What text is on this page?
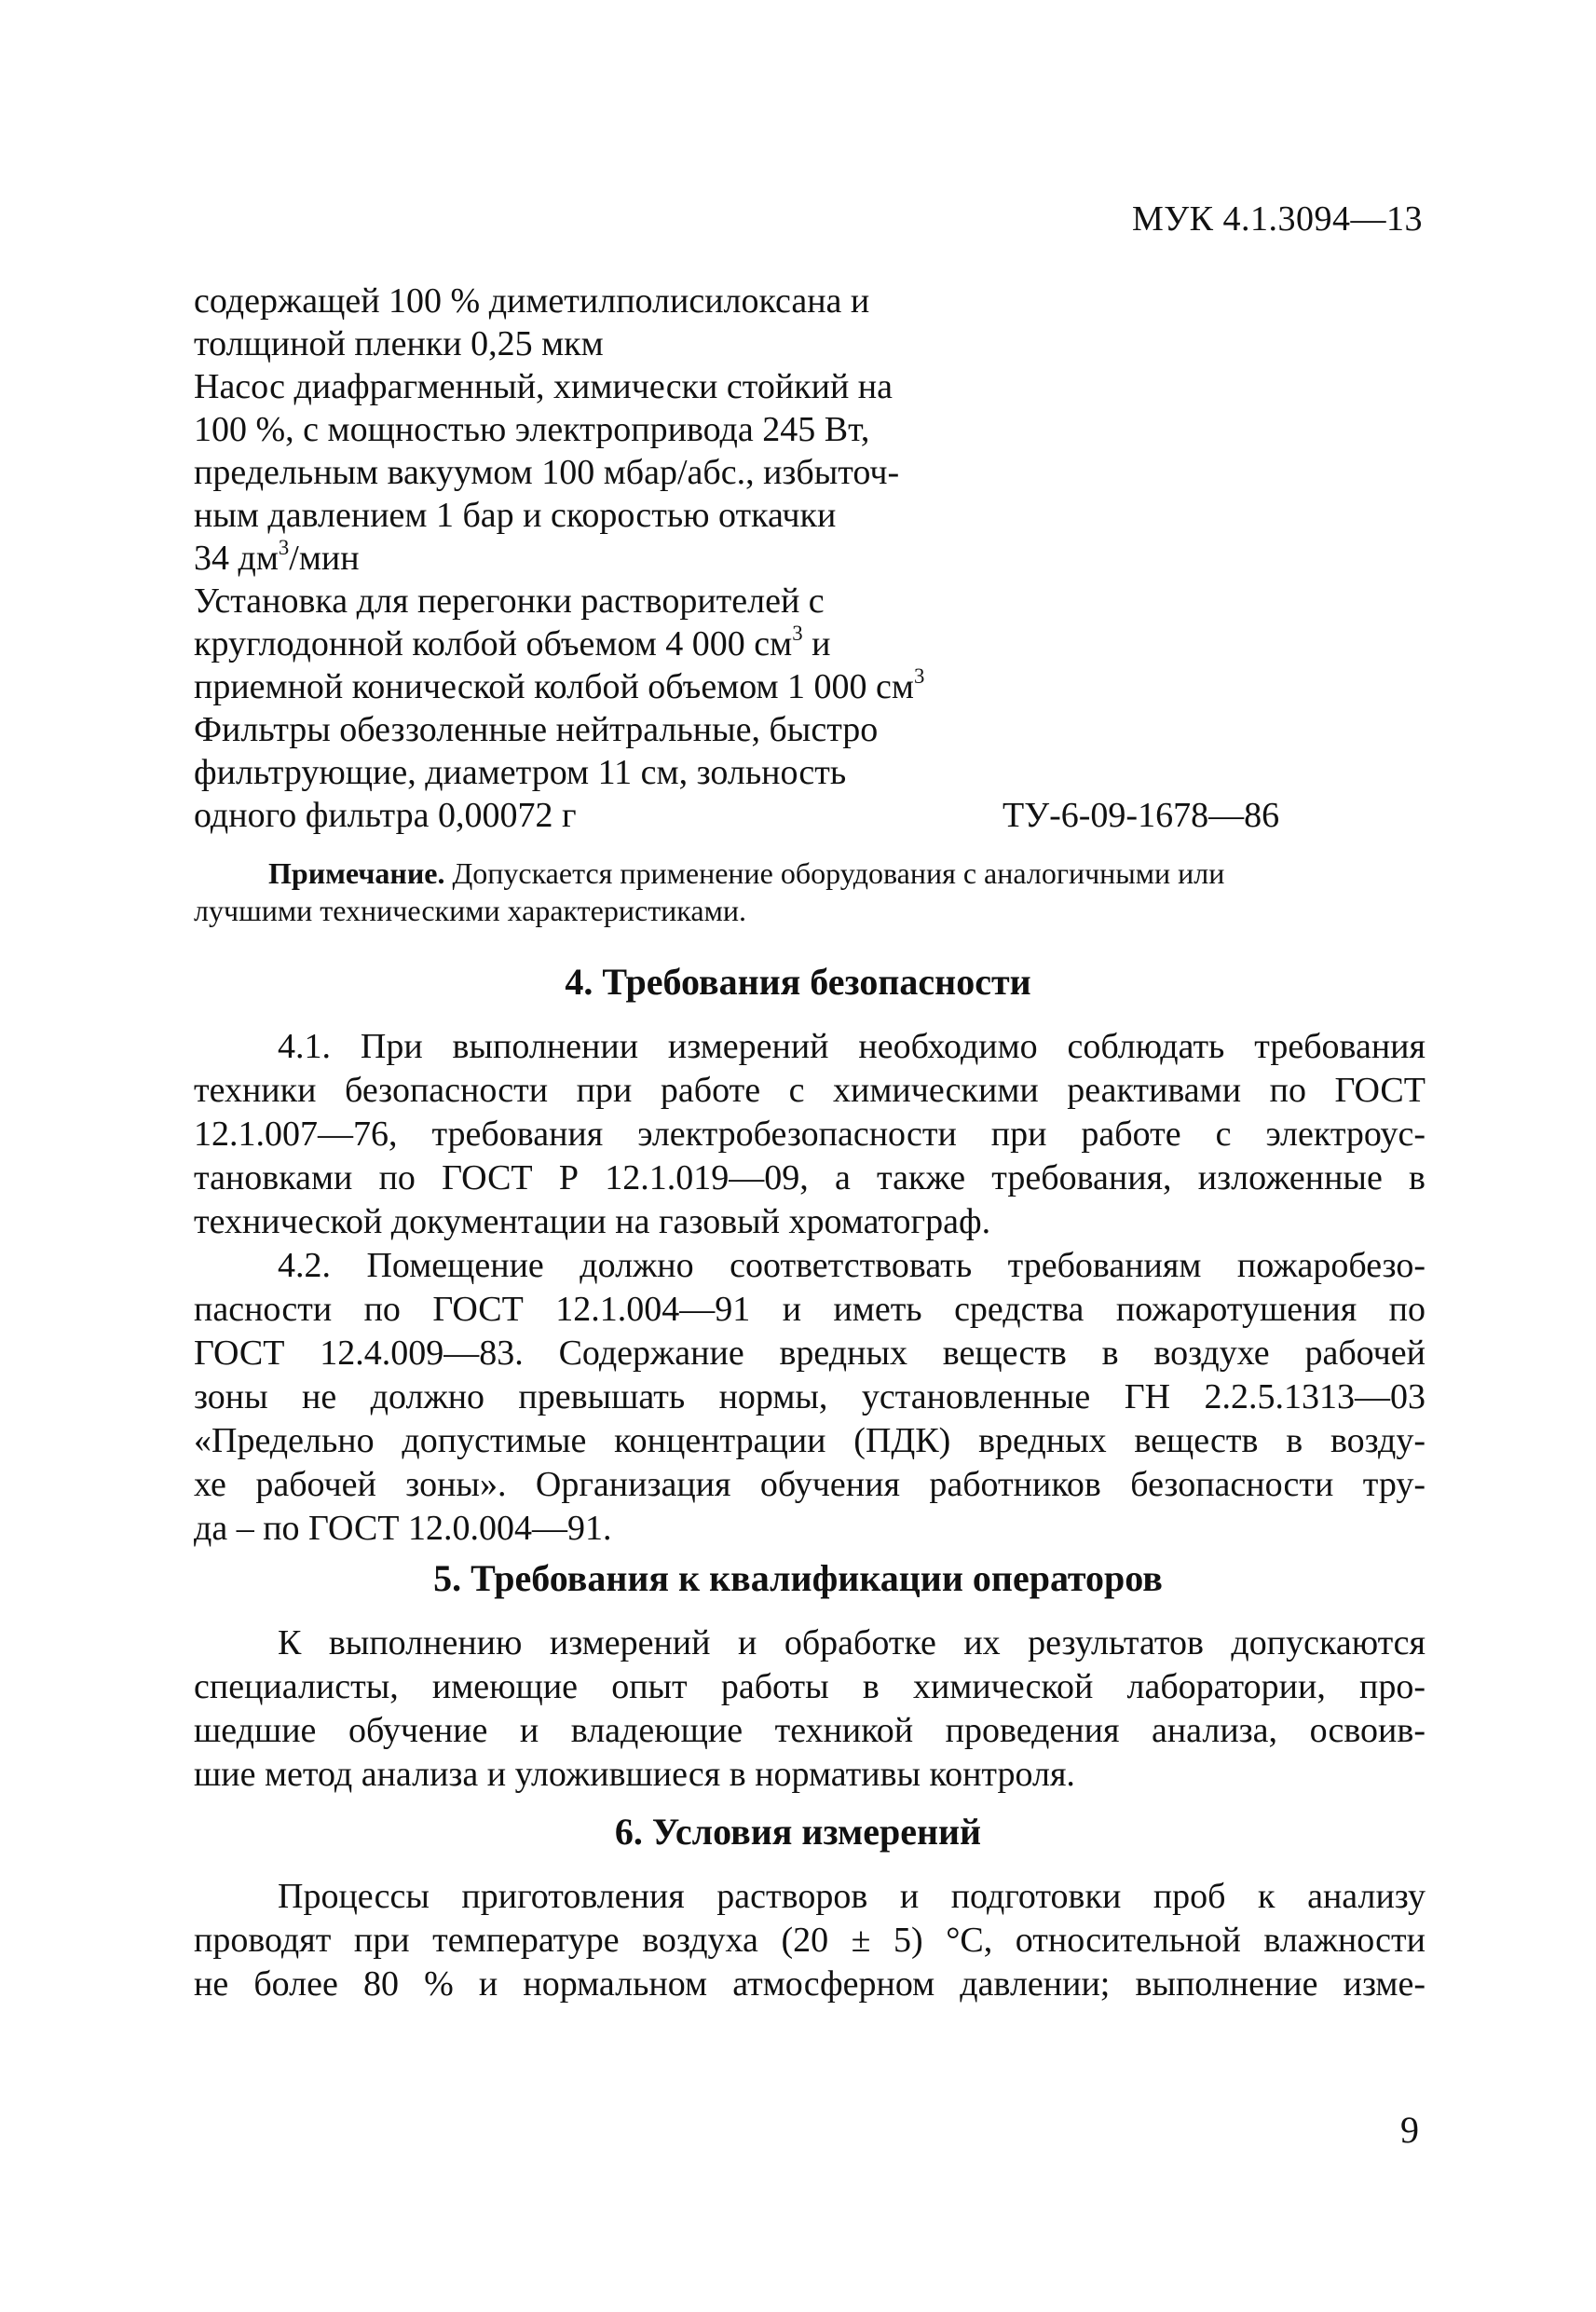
МУК 4.1.3094—13
содержащей 100 % диметилполисилоксана и
толщиной пленки 0,25 мкм
Насос диафрагменный, химически стойкий на
100 %, с мощностью электропривода 245 Вт,
предельным вакуумом 100 мбар/абс., избыточ-
ным давлением 1 бар и скоростью откачки
34 $дм^3$/мин
Установка для перегонки растворителей с
круглодонной колбой объемом 4 000 $см^3$ и
приемной конической колбой объемом 1 000 $см^3$
Фильтры обеззоленные нейтральные, быстро
фильтрующие, диаметром 11 см, зольность
одного фильтра 0,00072 г	ТУ-6-09-1678—86
Примечание. Допускается применение оборудования с аналогичными или
лучшими техническими характеристиками.
4. Требования безопасности
4.1. При выполнении измерений необходимо соблюдать требования
техники безопасности при работе с химическими реактивами по ГОСТ
12.1.007—76, требования электробезопасности при работе с электроус-
тановками по ГОСТ Р 12.1.019—09, а также требования, изложенные в
технической документации на газовый хроматограф.
4.2. Помещение должно соответствовать требованиям пожаробезо-
пасности по ГОСТ 12.1.004—91 и иметь средства пожаротушения по
ГОСТ 12.4.009—83. Содержание вредных веществ в воздухе рабочей
зоны не должно превышать нормы, установленные ГН 2.2.5.1313—03
«Предельно допустимые концентрации (ПДК) вредных веществ в возду-
хе рабочей зоны». Организация обучения работников безопасности тру-
да – по ГОСТ 12.0.004—91.
5. Требования к квалификации операторов
К выполнению измерений и обработке их результатов допускаются
специалисты, имеющие опыт работы в химической лаборатории, про-
шедшие обучение и владеющие техникой проведения анализа, освоив-
шие метод анализа и уложившиеся в нормативы контроля.
6. Условия измерений
Процессы приготовления растворов и подготовки проб к анализу
проводят при температуре воздуха (20 ± 5) °С, относительной влажности
не более 80 % и нормальном атмосферном давлении; выполнение изме-
9
